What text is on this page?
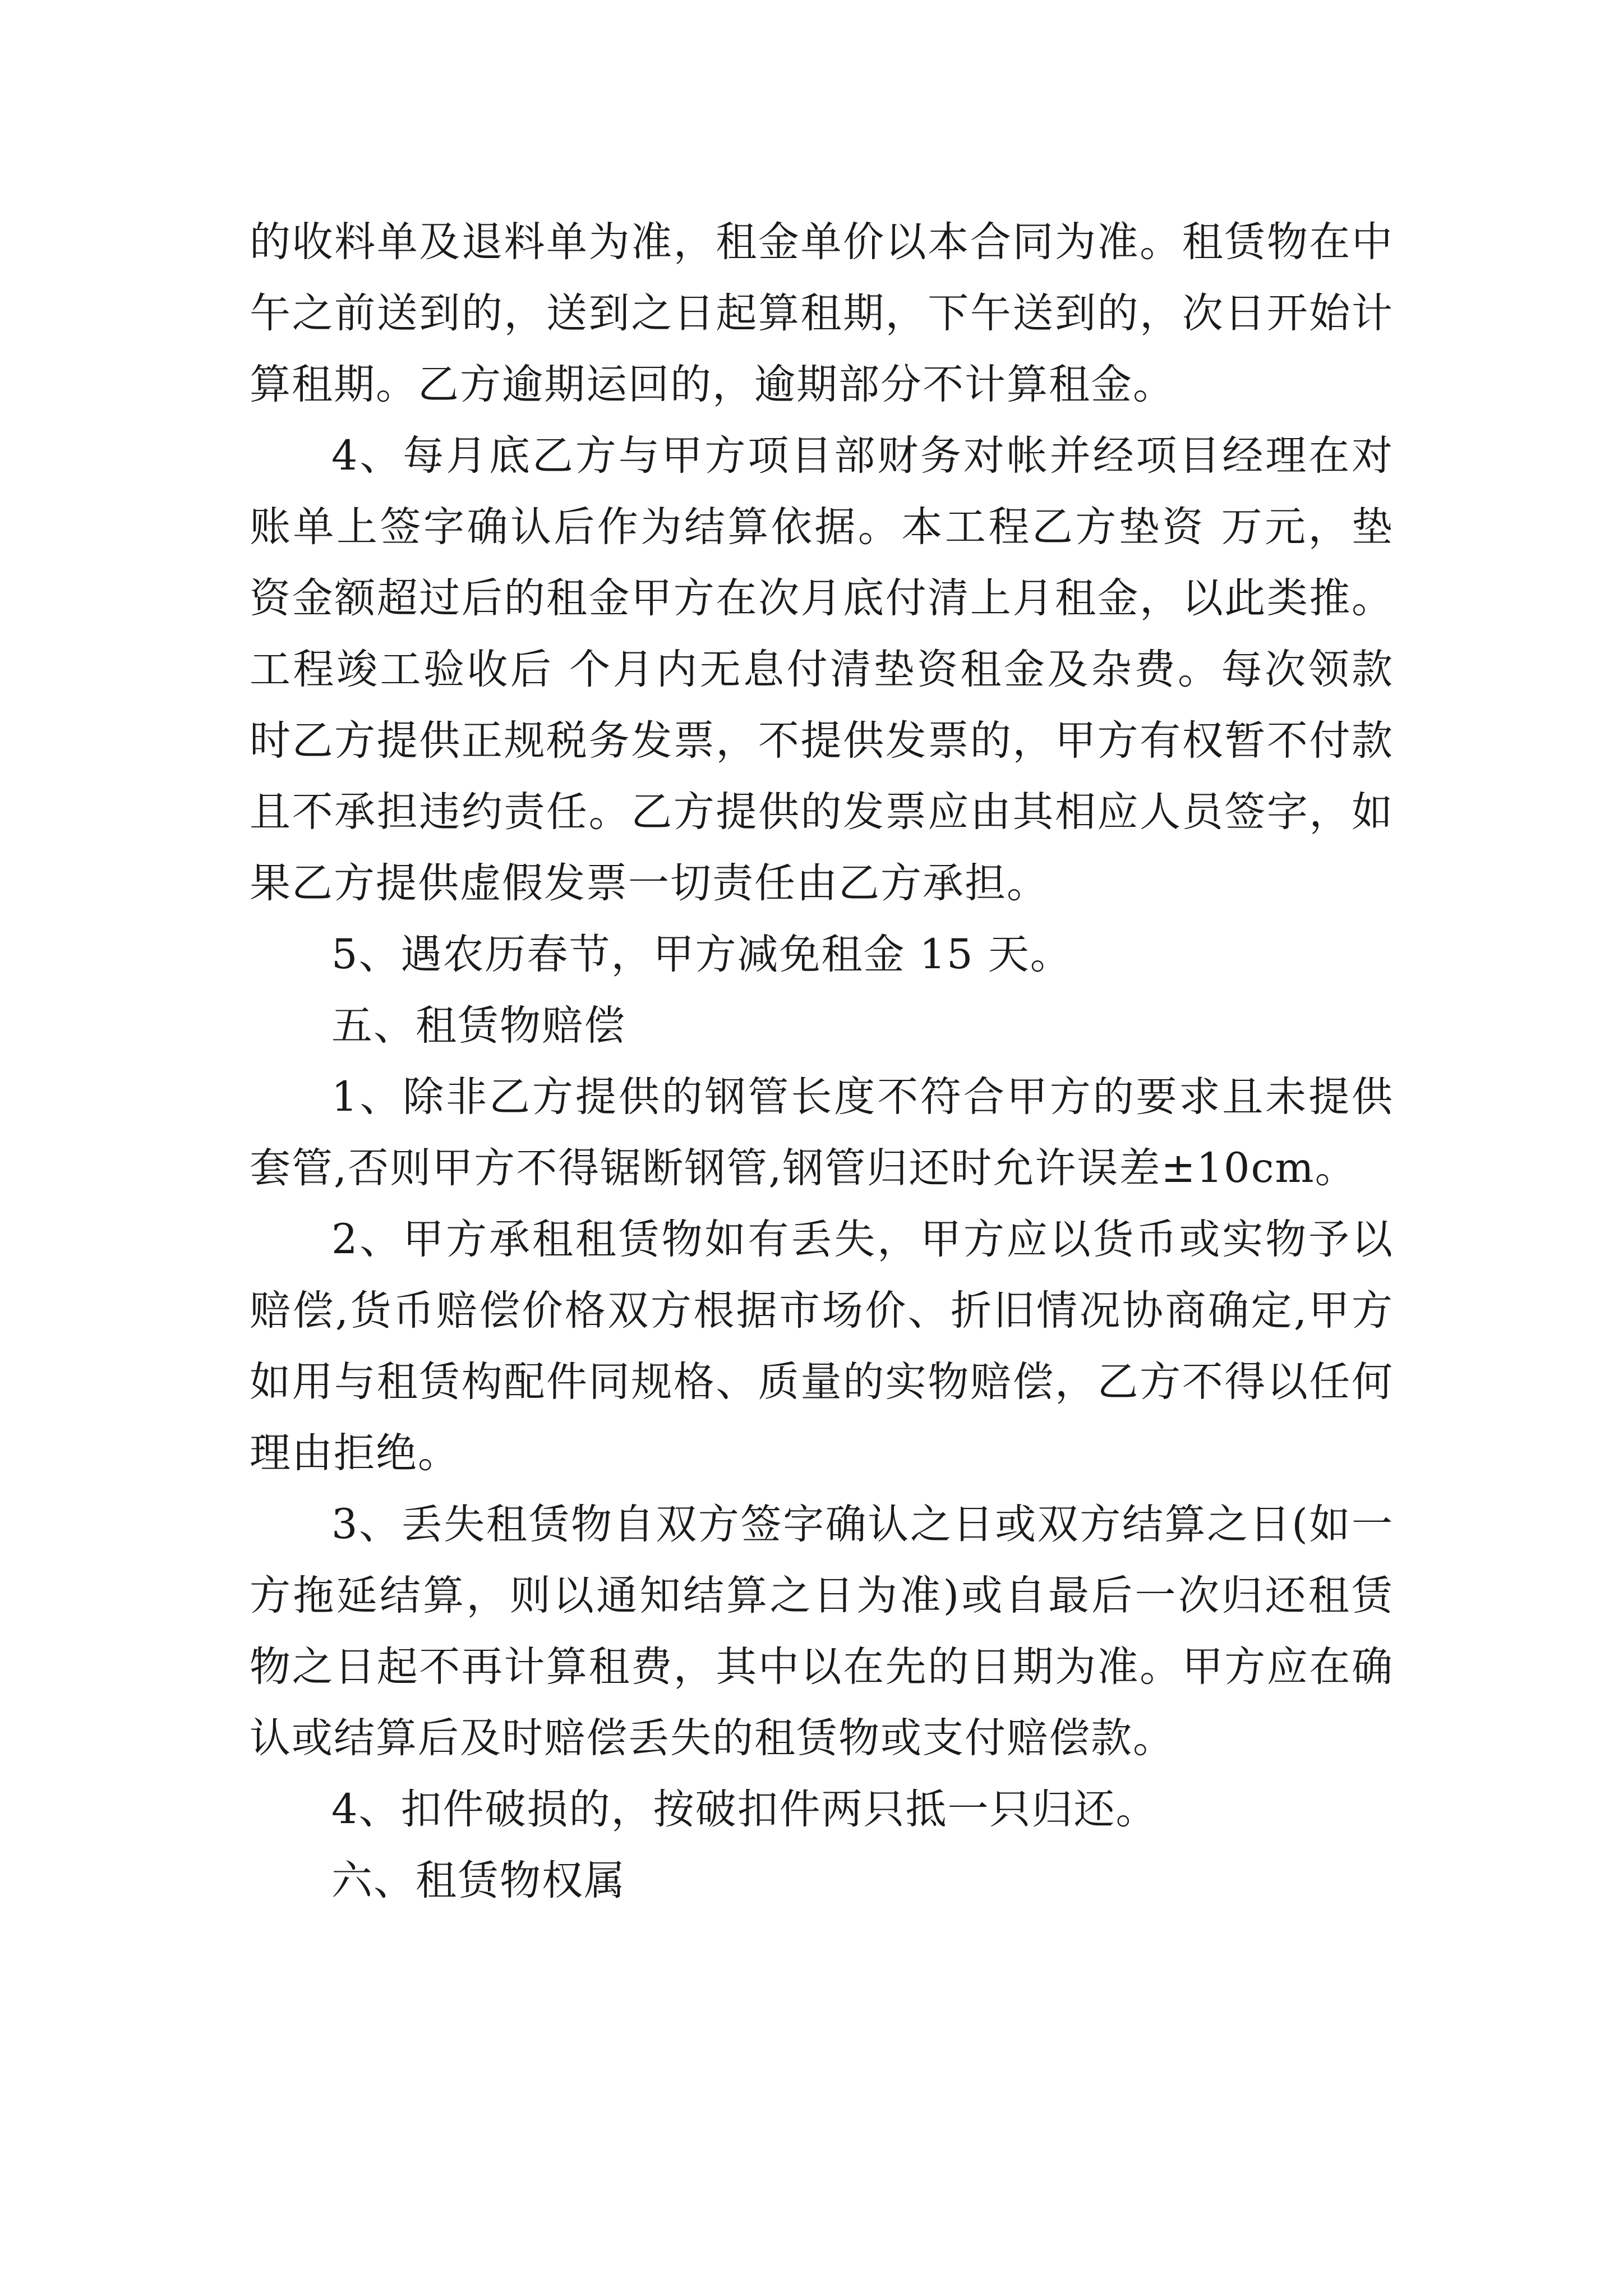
的收料单及退料单为准，租金单价以本合同为准。租赁物在中午之前送到的，送到之日起算租期，下午送到的，次日开始计算租期。乙方逾期运回的，逾期部分不计算租金。

4、每月底乙方与甲方项目部财务对帐并经项目经理在对账单上签字确认后作为结算依据。本工程乙方垫资 万元，垫资金额超过后的租金甲方在次月底付清上月租金，以此类推。工程竣工验收后 个月内无息付清垫资租金及杂费。每次领款时乙方提供正规税务发票，不提供发票的，甲方有权暂不付款且不承担违约责任。乙方提供的发票应由其相应人员签字，如果乙方提供虚假发票一切责任由乙方承担。

5、遇农历春节，甲方减免租金 15 天。

五、租赁物赔偿

1、除非乙方提供的钢管长度不符合甲方的要求且未提供套管,否则甲方不得锯断钢管,钢管归还时允许误差±10cm。

2、甲方承租租赁物如有丢失，甲方应以货币或实物予以赔偿,货币赔偿价格双方根据市场价、折旧情况协商确定,甲方如用与租赁构配件同规格、质量的实物赔偿，乙方不得以任何理由拒绝。

3、丢失租赁物自双方签字确认之日或双方结算之日(如一方拖延结算，则以通知结算之日为准)或自最后一次归还租赁物之日起不再计算租费，其中以在先的日期为准。甲方应在确认或结算后及时赔偿丢失的租赁物或支付赔偿款。

4、扣件破损的，按破扣件两只抵一只归还。

六、租赁物权属
